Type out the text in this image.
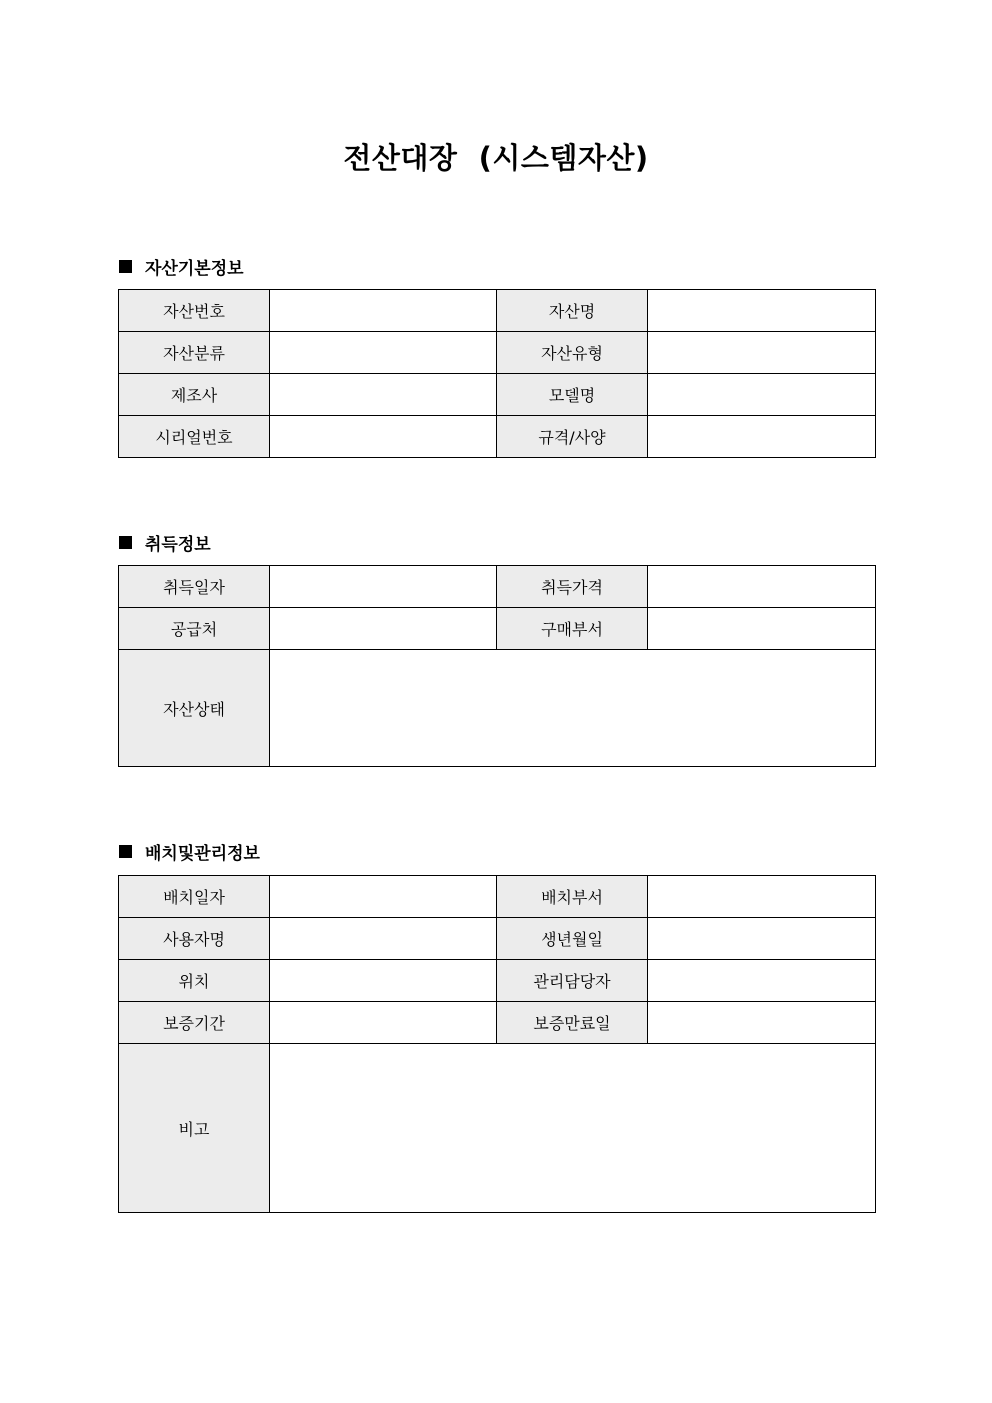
전산대장  (시스템자산)
자산기본정보
자산번호		자산명	
자산분류		자산유형	
제조사		모델명	
시리얼번호		규격/사양	
취득정보
취득일자		취득가격	
공급처		구매부서	
자산상태			
배치및관리정보
배치일자		배치부서	
사용자명		생년월일	
위치		관리담당자	
보증기간		보증만료일	
비고			
